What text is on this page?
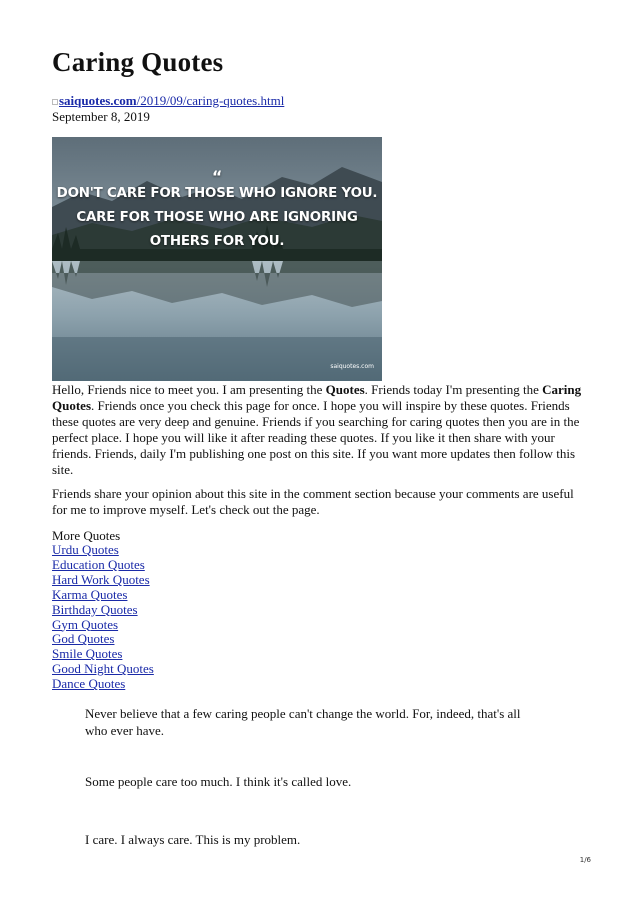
Caring Quotes
saiquotes.com/2019/09/caring-quotes.html
September 8, 2019
“
DON'T CARE FOR THOSE WHO IGNORE YOU.
CARE FOR THOSE WHO ARE IGNORING
OTHERS FOR YOU.
saiquotes.com
Hello, Friends nice to meet you. I am presenting the Quotes. Friends today I'm presenting the Caring Quotes. Friends once you check this page for once. I hope you will inspire by these quotes. Friends these quotes are very deep and genuine. Friends if you searching for caring quotes then you are in the perfect place. I hope you will like it after reading these quotes. If you like it then share with your friends. Friends, daily I'm publishing one post on this site. If you want more updates then follow this site.
Friends share your opinion about this site in the comment section because your comments are useful for me to improve myself. Let's check out the page.
More Quotes
Urdu Quotes
Education Quotes
Hard Work Quotes
Karma Quotes
Birthday Quotes
Gym Quotes
God Quotes
Smile Quotes
Good Night Quotes
Dance Quotes
Never believe that a few caring people can't change the world. For, indeed, that's all who ever have.
Some people care too much. I think it's called love.
I care. I always care. This is my problem.
1/6
